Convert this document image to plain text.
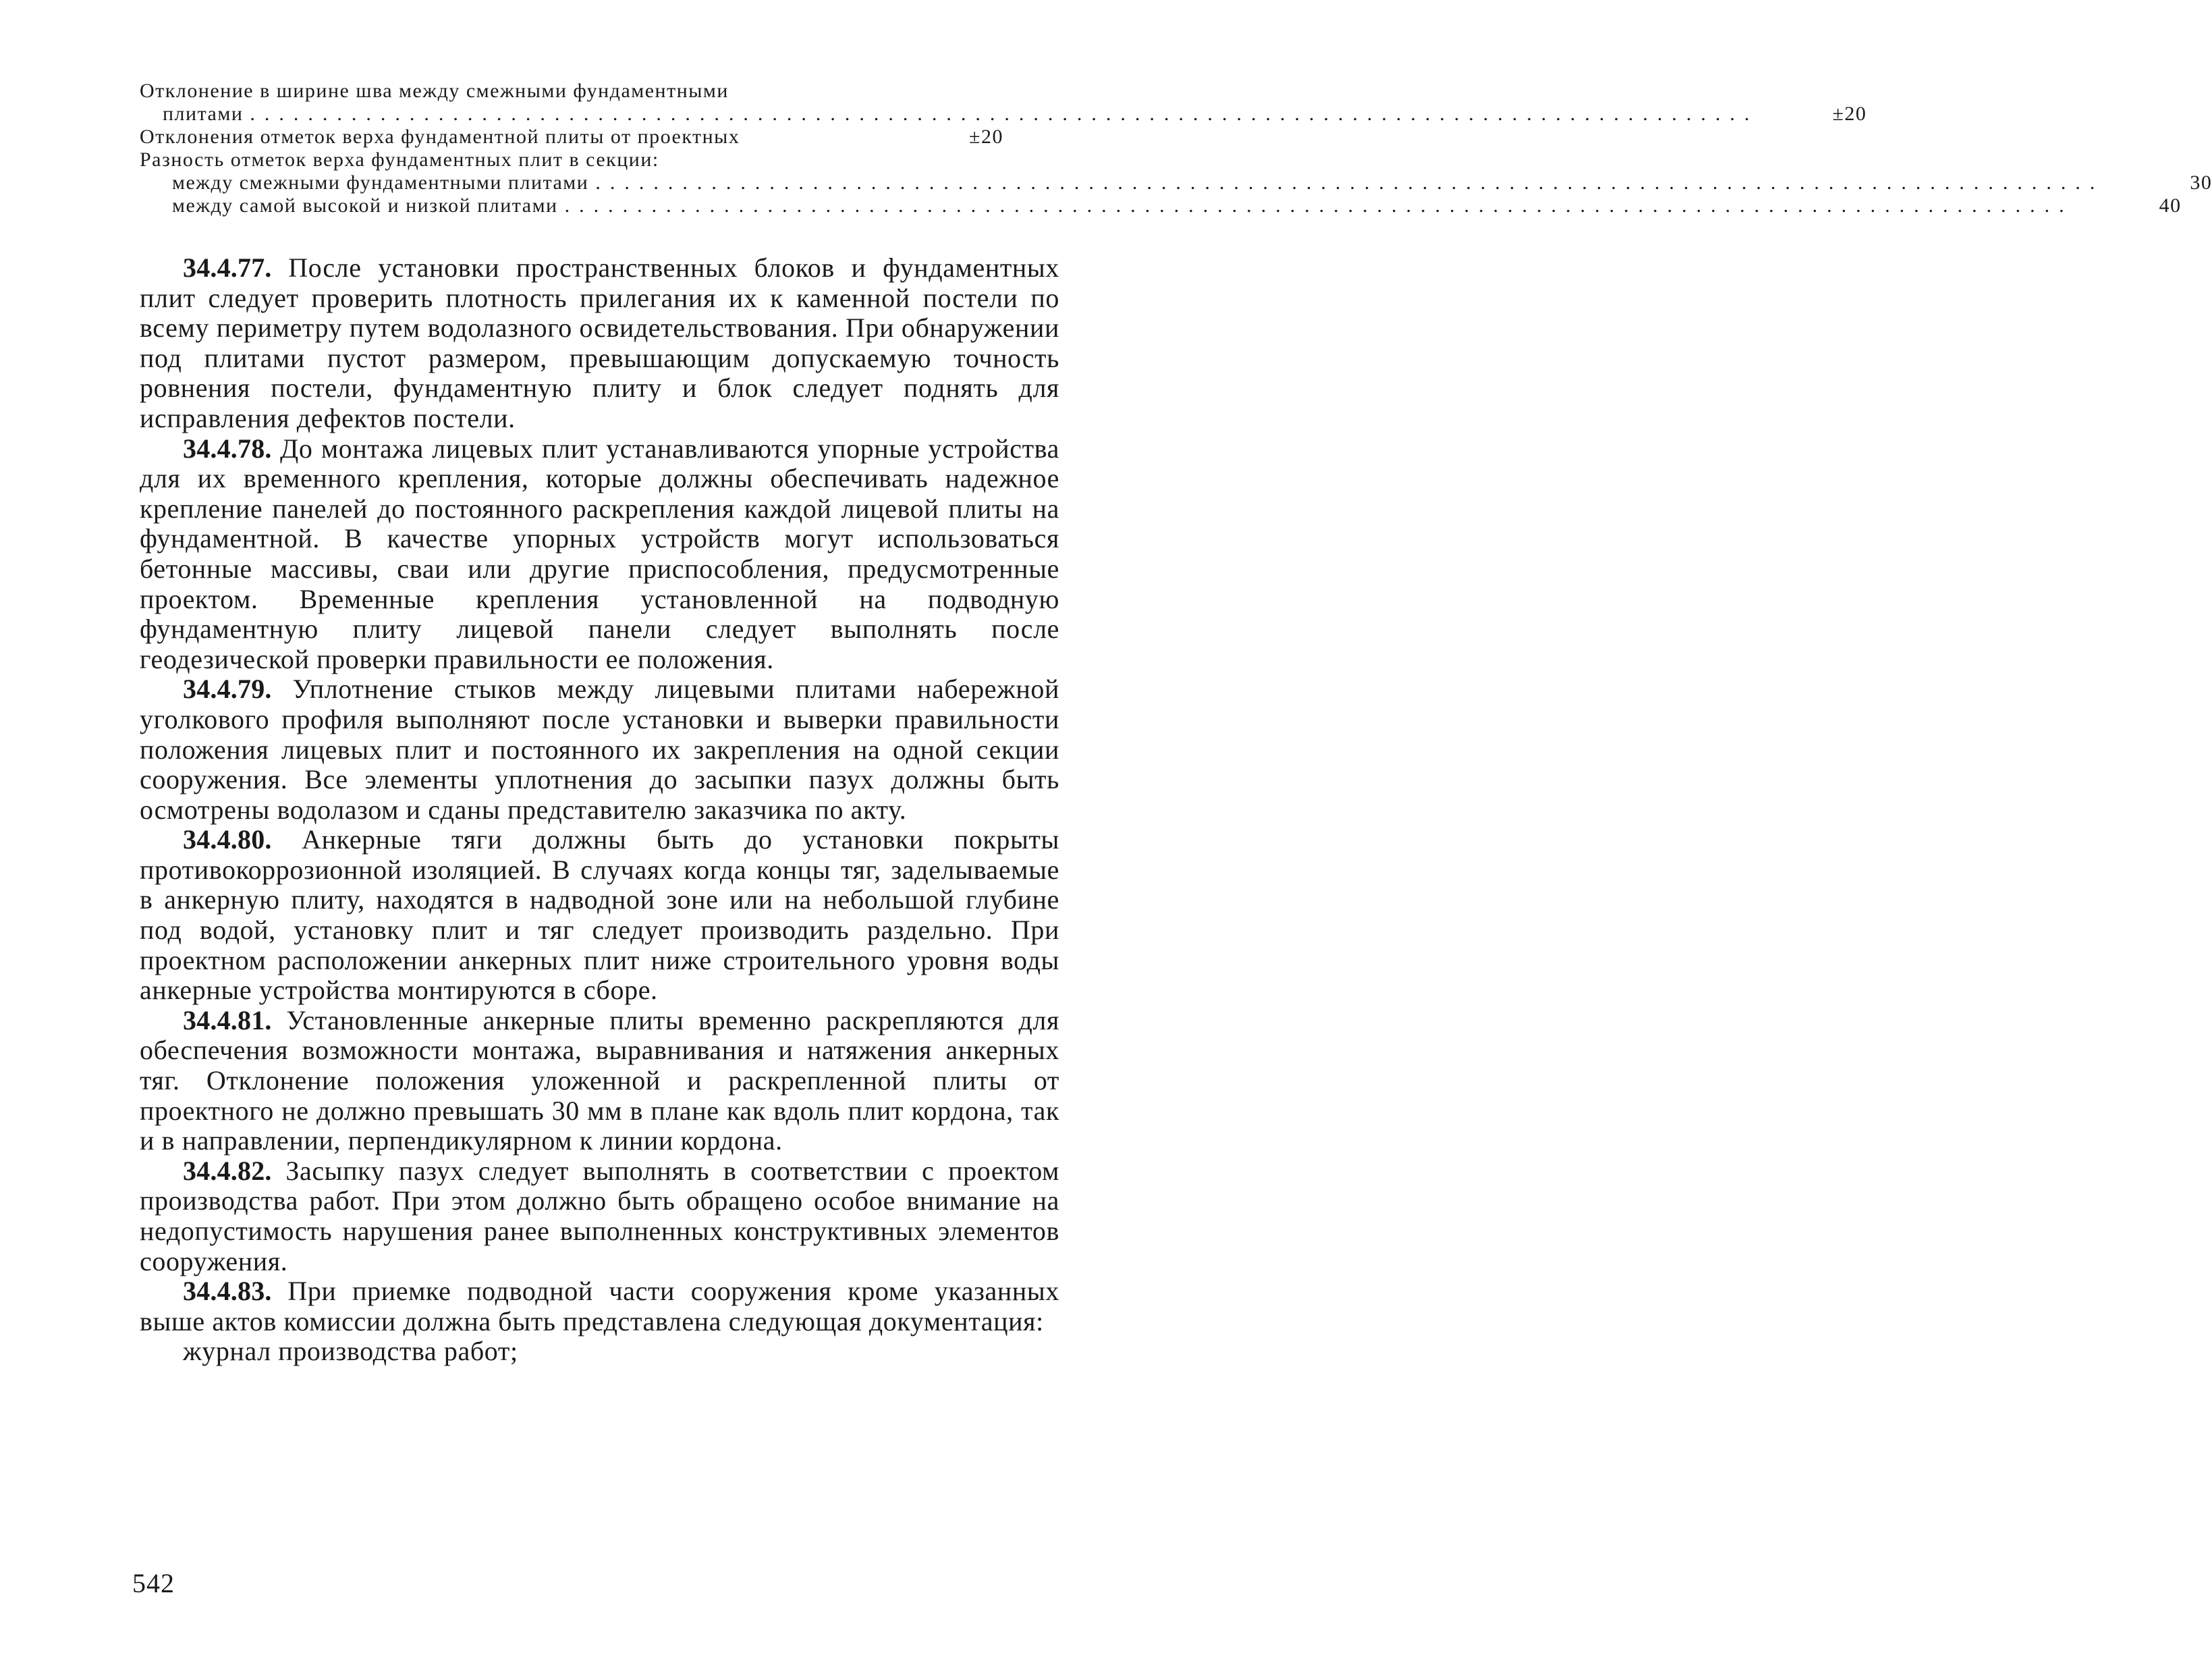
Отклонение в ширине шва между смежными фундаментными
плитами ........................................................................................................	±20
Отклонения отметок верха фундаментной плиты от проектных	±20
Разность отметок верха фундаментных плит в секции:
между смежными фундаментными плитами ........................................................................................................	30
между самой высокой и низкой плитами ........................................................................................................	40

34.4.77. После установки пространственных блоков и фундаментных плит следует проверить плотность прилегания их к каменной постели по всему периметру путем водолазного освидетельствования. При обнаружении под плитами пустот размером, превышающим допускаемую точность ровнения постели, фундаментную плиту и блок следует поднять для исправления дефектов постели.

34.4.78. До монтажа лицевых плит устанавливаются упорные устройства для их временного крепления, которые должны обеспечивать надежное крепление панелей до постоянного раскрепления каждой лицевой плиты на фундаментной. В качестве упорных устройств могут использоваться бетонные массивы, сваи или другие приспособления, предусмотренные проектом. Временные крепления установленной на подводную фундаментную плиту лицевой панели следует выполнять после геодезической проверки правильности ее положения.

34.4.79. Уплотнение стыков между лицевыми плитами набережной уголкового профиля выполняют после установки и выверки правильности положения лицевых плит и постоянного их закрепления на одной секции сооружения. Все элементы уплотнения до засыпки пазух должны быть осмотрены водолазом и сданы представителю заказчика по акту.

34.4.80. Анкерные тяги должны быть до установки покрыты противокоррозионной изоляцией. В случаях когда концы тяг, заделываемые в анкерную плиту, находятся в надводной зоне или на небольшой глубине под водой, установку плит и тяг следует производить раздельно. При проектном расположении анкерных плит ниже строительного уровня воды анкерные устройства монтируются в сборе.

34.4.81. Установленные анкерные плиты временно раскрепляются для обеспечения возможности монтажа, выравнивания и натяжения анкерных тяг. Отклонение положения уложенной и раскрепленной плиты от проектного не должно превышать 30 мм в плане как вдоль плит кордона, так и в направлении, перпендикулярном к линии кордона.

34.4.82. Засыпку пазух следует выполнять в соответствии с проектом производства работ. При этом должно быть обращено особое внимание на недопустимость нарушения ранее выполненных конструктивных элементов сооружения.

34.4.83. При приемке подводной части сооружения кроме указанных выше актов комиссии должна быть представлена следующая документация:

журнал производства работ;

542
